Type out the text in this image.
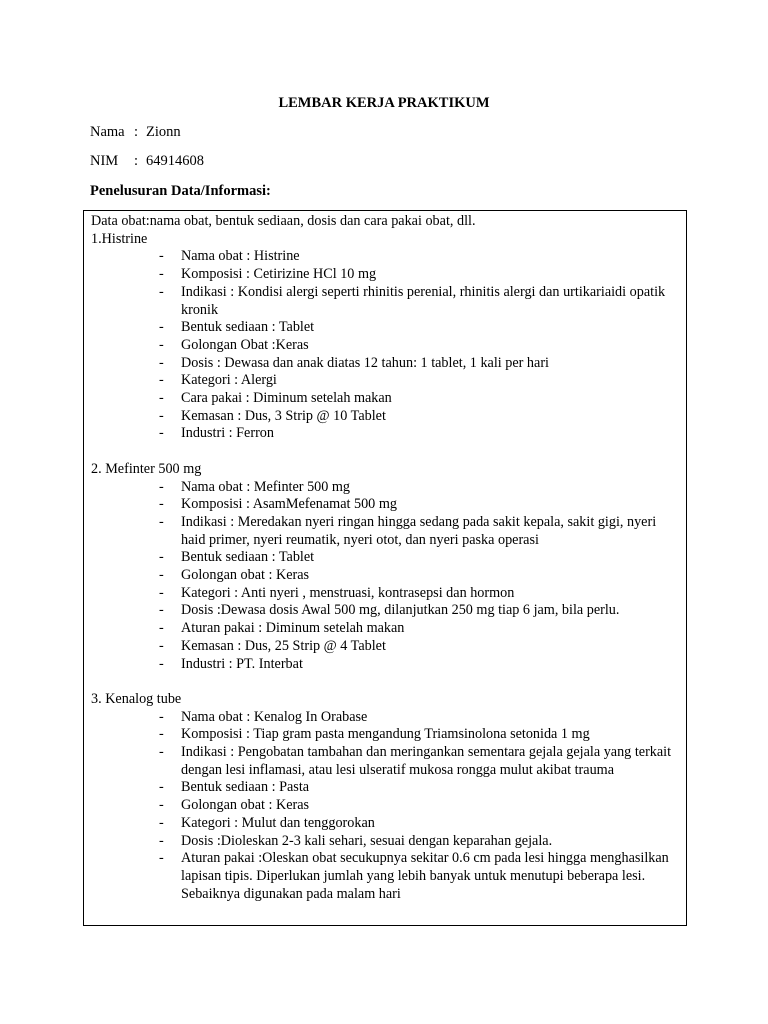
LEMBAR KERJA PRAKTIKUM
Nama : Zionn
NIM : 64914608
Penelusuran Data/Informasi:

Data obat:nama obat, bentuk sediaan, dosis dan cara pakai obat, dll.

1.Histrine

- Nama obat : Histrine
- Komposisi : Cetirizine HCl 10 mg
- Indikasi : Kondisi alergi seperti rhinitis perenial, rhinitis alergi dan urtikariaidi opatik kronik
- Bentuk sediaan : Tablet
- Golongan Obat :Keras
- Dosis : Dewasa dan anak diatas 12 tahun: 1 tablet, 1 kali per hari
- Kategori : Alergi
- Cara pakai : Diminum setelah makan
- Kemasan : Dus, 3 Strip @ 10 Tablet
- Industri : Ferron

2. Mefinter 500 mg

- Nama obat : Mefinter 500 mg
- Komposisi : AsamMefenamat 500 mg
- Indikasi : Meredakan nyeri ringan hingga sedang pada sakit kepala, sakit gigi, nyeri haid primer, nyeri reumatik, nyeri otot, dan nyeri paska operasi
- Bentuk sediaan : Tablet
- Golongan obat : Keras
- Kategori : Anti nyeri , menstruasi, kontrasepsi dan hormon
- Dosis :Dewasa dosis Awal 500 mg, dilanjutkan 250 mg tiap 6 jam, bila perlu.
- Aturan pakai : Diminum setelah makan
- Kemasan : Dus, 25 Strip @ 4 Tablet
- Industri : PT. Interbat

3. Kenalog tube

- Nama obat : Kenalog In Orabase
- Komposisi : Tiap gram pasta mengandung Triamsinolona setonida 1 mg
- Indikasi : Pengobatan tambahan dan meringankan sementara gejala gejala yang terkait dengan lesi inflamasi, atau lesi ulseratif mukosa rongga mulut akibat trauma
- Bentuk sediaan : Pasta
- Golongan obat : Keras
- Kategori : Mulut dan tenggorokan
- Dosis :Dioleskan 2-3 kali sehari, sesuai dengan keparahan gejala.
- Aturan pakai :Oleskan obat secukupnya sekitar 0.6 cm pada lesi hingga menghasilkan lapisan tipis. Diperlukan jumlah yang lebih banyak untuk menutupi beberapa lesi. Sebaiknya digunakan pada malam hari
